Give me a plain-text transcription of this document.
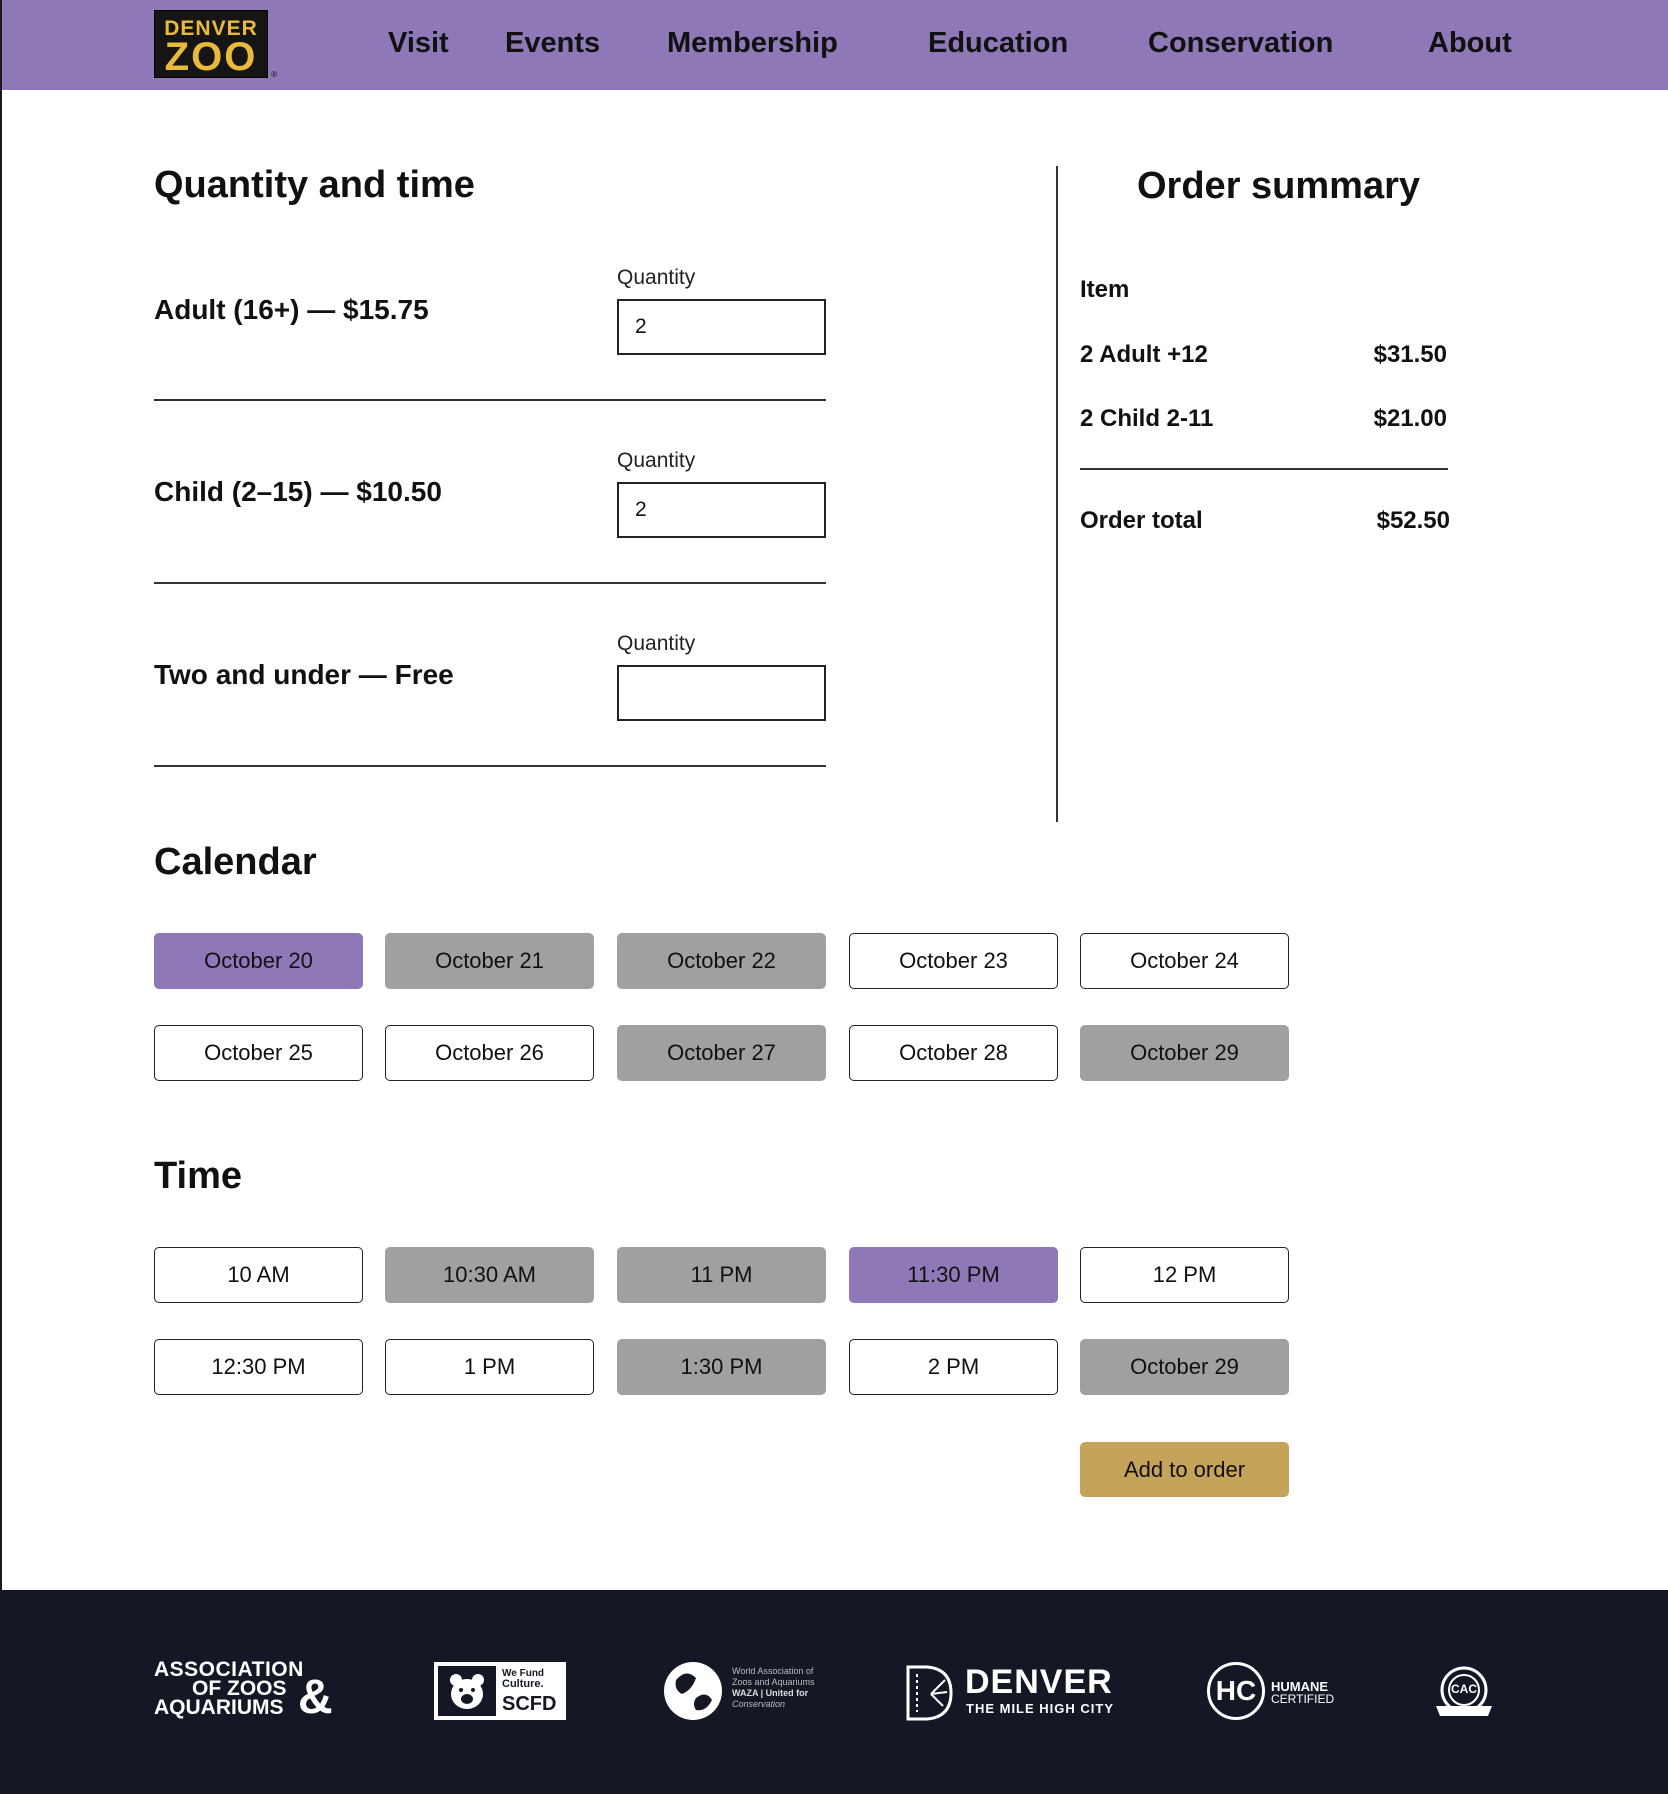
DENVER
ZOO	®
Visit Events Membership	Education	Conservation	About
Quantity and time
Adult (16+) — $15.75
Quantity
2
Child (2–15) — $10.50
Quantity
2
Two and under — Free
Quantity
Order summary
Item
2 Adult +12	$31.50
2 Child 2-11	$21.00
Order total	$52.50
Calendar
October 20	October 21	October 22	October 23	October 24
October 25	October 26	October 27	October 28	October 29
Time
10 AM	10:30 AM	11 PM	11:30 PM	12 PM
12:30 PM	1 PM	1:30 PM	2 PM	October 29
Add to order
ASSOCIATION
OF ZOOS
AQUARIUMS &	We Fund
Culture.
SCFD
World Association of
Zoos and Aquariums
WAZA | United for
Conservation
DENVER
THE MILE HIGH CITY
HC	HUMANE
CERTIFIED
CAC
